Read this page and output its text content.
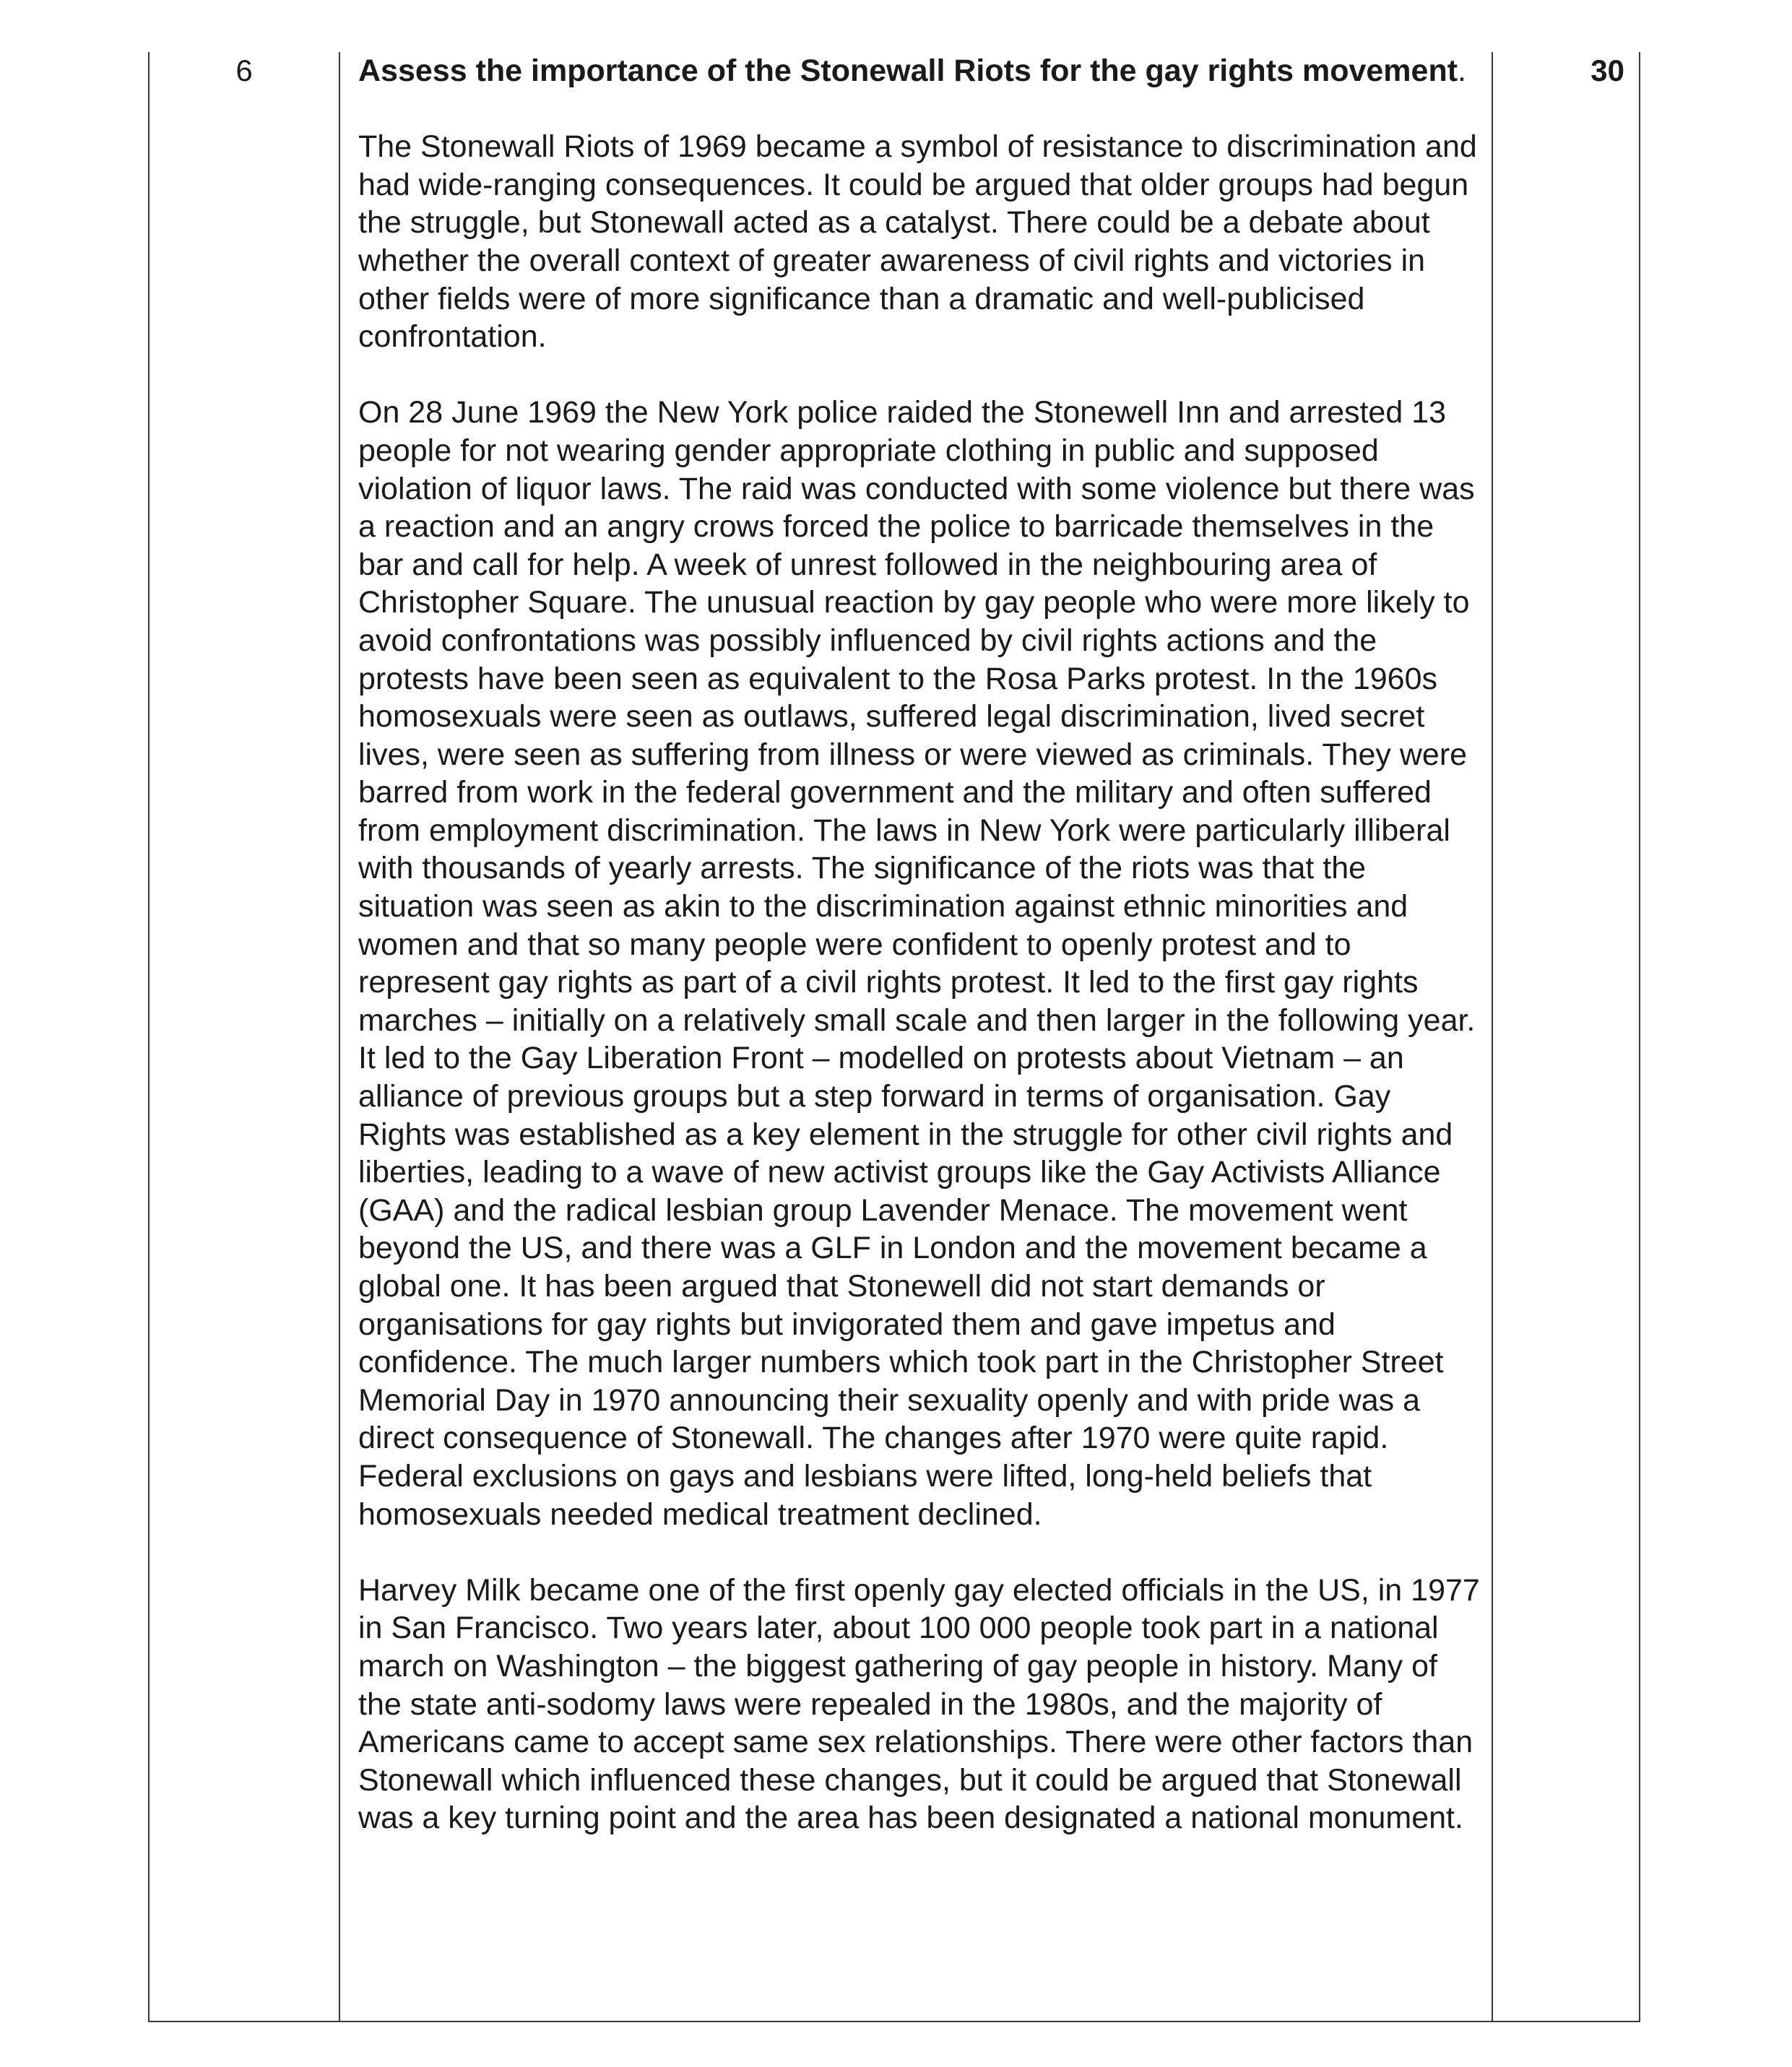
6	Assess the importance of the Stonewall Riots for the gay rights movement.

The Stonewall Riots of 1969 became a symbol of resistance to discrimination and had wide-ranging consequences. It could be argued that older groups had begun the struggle, but Stonewall acted as a catalyst. There could be a debate about whether the overall context of greater awareness of civil rights and victories in other fields were of more significance than a dramatic and well-publicised confrontation.

On 28 June 1969 the New York police raided the Stonewell Inn and arrested 13 people for not wearing gender appropriate clothing in public and supposed violation of liquor laws. The raid was conducted with some violence but there was a reaction and an angry crows forced the police to barricade themselves in the bar and call for help. A week of unrest followed in the neighbouring area of Christopher Square. The unusual reaction by gay people who were more likely to avoid confrontations was possibly influenced by civil rights actions and the protests have been seen as equivalent to the Rosa Parks protest. In the 1960s homosexuals were seen as outlaws, suffered legal discrimination, lived secret lives, were seen as suffering from illness or were viewed as criminals. They were barred from work in the federal government and the military and often suffered from employment discrimination. The laws in New York were particularly illiberal with thousands of yearly arrests. The significance of the riots was that the situation was seen as akin to the discrimination against ethnic minorities and women and that so many people were confident to openly protest and to represent gay rights as part of a civil rights protest. It led to the first gay rights marches – initially on a relatively small scale and then larger in the following year. It led to the Gay Liberation Front – modelled on protests about Vietnam – an alliance of previous groups but a step forward in terms of organisation. Gay Rights was established as a key element in the struggle for other civil rights and liberties, leading to a wave of new activist groups like the Gay Activists Alliance (GAA) and the radical lesbian group Lavender Menace. The movement went beyond the US, and there was a GLF in London and the movement became a global one. It has been argued that Stonewell did not start demands or organisations for gay rights but invigorated them and gave impetus and confidence. The much larger numbers which took part in the Christopher Street Memorial Day in 1970 announcing their sexuality openly and with pride was a direct consequence of Stonewall. The changes after 1970 were quite rapid. Federal exclusions on gays and lesbians were lifted, long-held beliefs that homosexuals needed medical treatment declined.

Harvey Milk became one of the first openly gay elected officials in the US, in 1977 in San Francisco. Two years later, about 100 000 people took part in a national march on Washington – the biggest gathering of gay people in history. Many of the state anti-sodomy laws were repealed in the 1980s, and the majority of Americans came to accept same sex relationships. There were other factors than Stonewall which influenced these changes, but it could be argued that Stonewall was a key turning point and the area has been designated a national monument.

30
